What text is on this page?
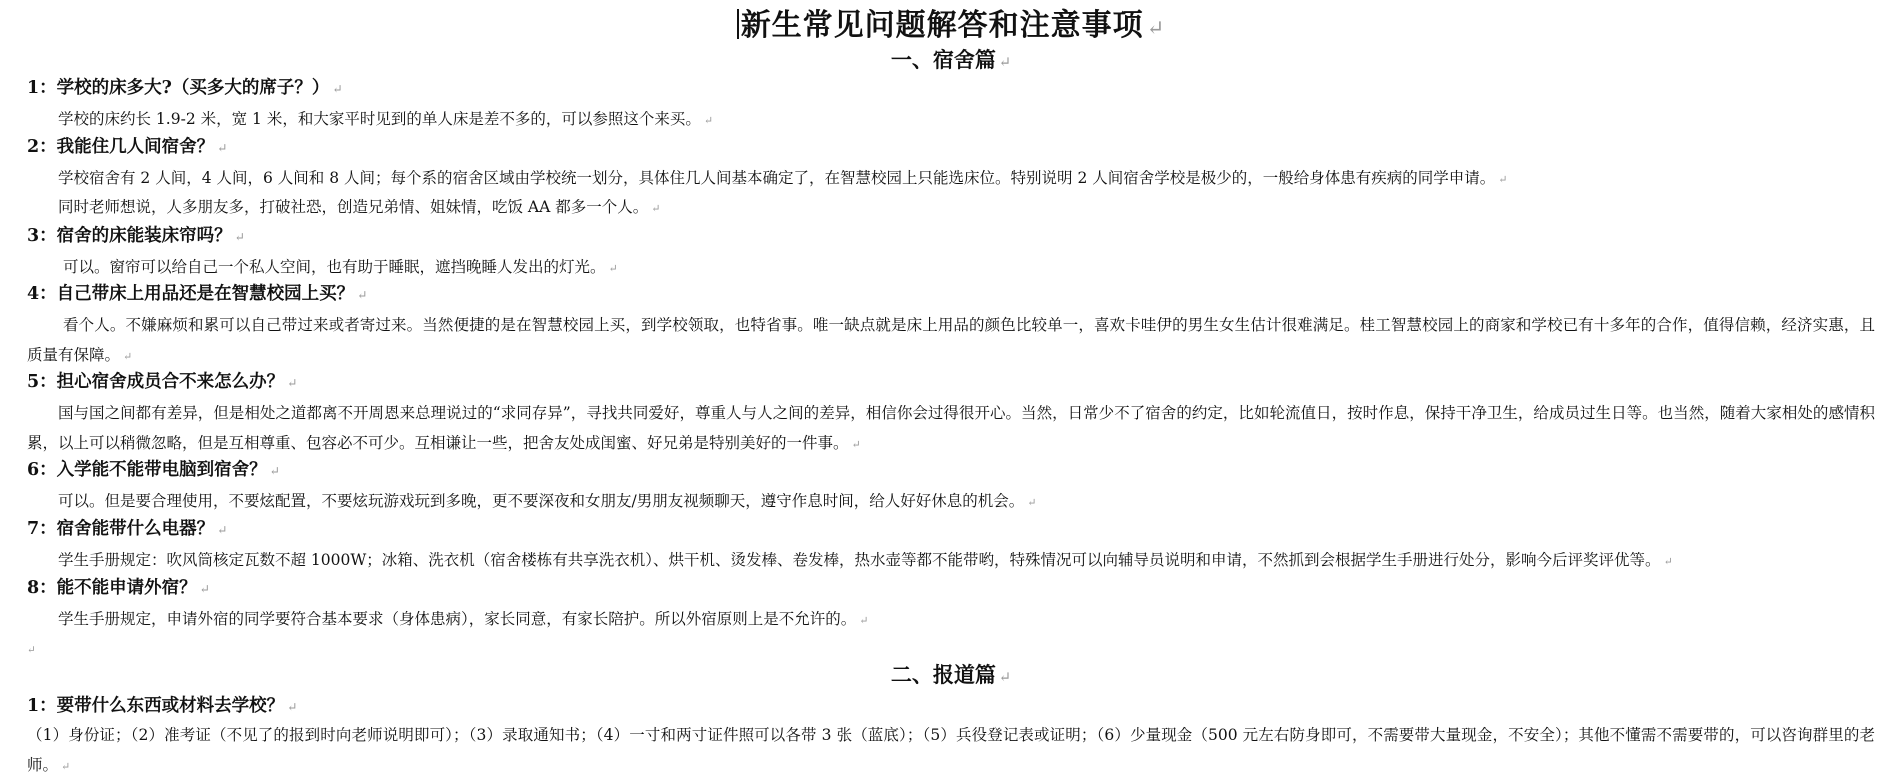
新生常见问题解答和注意事项 ↵
一、宿舍篇 ↵
1：学校的床多大?（买多大的席子？） ↵
学校的床约长 1.9-2 米，宽 1 米，和大家平时见到的单人床是差不多的，可以参照这个来买。 ↵
2：我能住几人间宿舍？ ↵
学校宿舍有 2 人间，4 人间，6 人间和 8 人间；每个系的宿舍区域由学校统一划分，具体住几人间基本确定了，在智慧校园上只能选床位。特别说明 2 人间宿舍学校是极少的，一般给身体患有疾病的同学申请。 ↵
同时老师想说，人多朋友多，打破社恐，创造兄弟情、姐妹情，吃饭 AA 都多一个人。 ↵
3：宿舍的床能装床帘吗？ ↵
可以。窗帘可以给自己一个私人空间，也有助于睡眠，遮挡晚睡人发出的灯光。 ↵
4：自己带床上用品还是在智慧校园上买？ ↵
看个人。不嫌麻烦和累可以自己带过来或者寄过来。当然便捷的是在智慧校园上买，到学校领取，也特省事。唯一缺点就是床上用品的颜色比较单一，喜欢卡哇伊的男生女生估计很难满足。桂工智慧校园上的商家和学校已有十多年的合作，值得信赖，经济实惠，且质量有保障。 ↵
5：担心宿舍成员合不来怎么办？ ↵
国与国之间都有差异，但是相处之道都离不开周恩来总理说过的“求同存异”，寻找共同爱好，尊重人与人之间的差异，相信你会过得很开心。当然，日常少不了宿舍的约定，比如轮流值日，按时作息，保持干净卫生，给成员过生日等。也当然，随着大家相处的感情积累，以上可以稍微忽略，但是互相尊重、包容必不可少。互相谦让一些，把舍友处成闺蜜、好兄弟是特别美好的一件事。 ↵
6：入学能不能带电脑到宿舍？ ↵
可以。但是要合理使用，不要炫配置，不要炫玩游戏玩到多晚，更不要深夜和女朋友/男朋友视频聊天，遵守作息时间，给人好好休息的机会。 ↵
7：宿舍能带什么电器？ ↵
学生手册规定：吹风筒核定瓦数不超 1000W；冰箱、洗衣机（宿舍楼栋有共享洗衣机）、烘干机、烫发棒、卷发棒，热水壶等都不能带哟，特殊情况可以向辅导员说明和申请，不然抓到会根据学生手册进行处分，影响今后评奖评优等。 ↵
8：能不能申请外宿？ ↵
学生手册规定，申请外宿的同学要符合基本要求（身体患病），家长同意，有家长陪护。所以外宿原则上是不允许的。 ↵
↵
二、报道篇 ↵
1：要带什么东西或材料去学校？ ↵
（1）身份证；（2）准考证（不见了的报到时向老师说明即可）；（3）录取通知书；（4）一寸和两寸证件照可以各带 3 张（蓝底）；（5）兵役登记表或证明；（6）少量现金（500 元左右防身即可，不需要带大量现金，不安全）；其他不懂需不需要带的，可以咨询群里的老师。 ↵
